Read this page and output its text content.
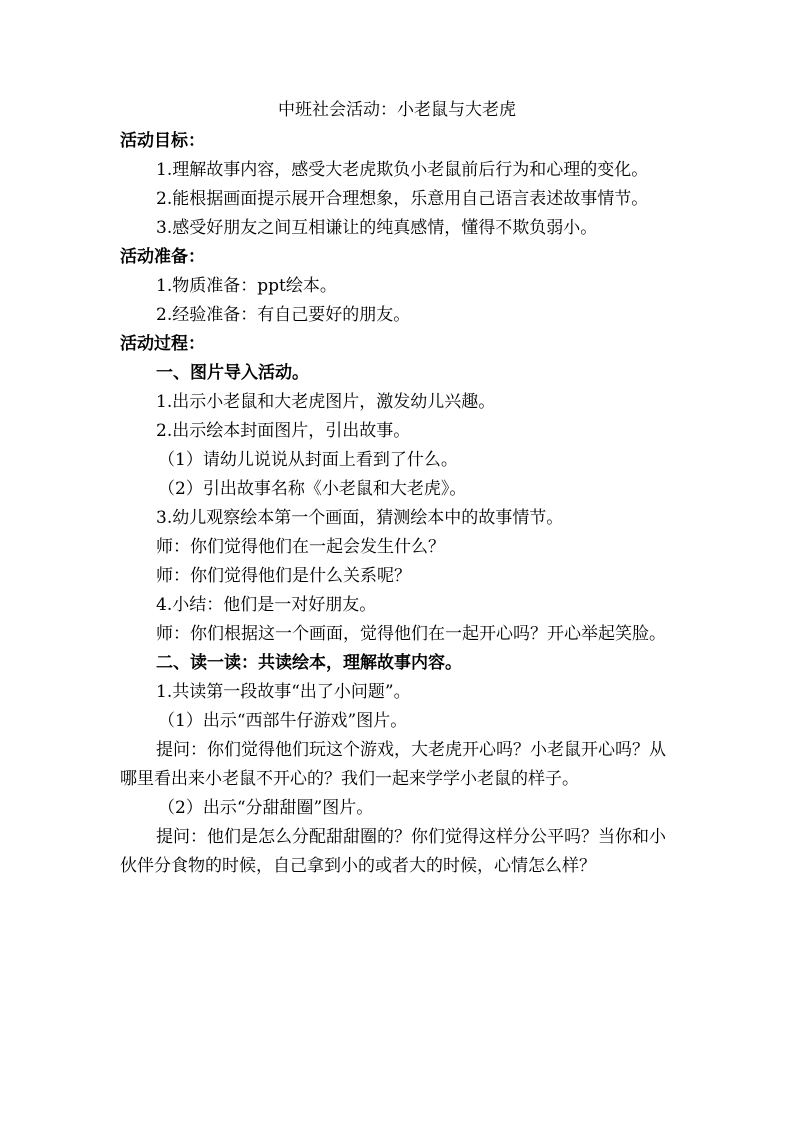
中班社会活动：小老鼠与大老虎
活动目标：
1.理解故事内容，感受大老虎欺负小老鼠前后行为和心理的变化。
2.能根据画面提示展开合理想象，乐意用自己语言表述故事情节。
3.感受好朋友之间互相谦让的纯真感情，懂得不欺负弱小。
活动准备：
1.物质准备：ppt绘本。
2.经验准备：有自己要好的朋友。
活动过程：
一、图片导入活动。
1.出示小老鼠和大老虎图片，激发幼儿兴趣。
2.出示绘本封面图片，引出故事。
（1）请幼儿说说从封面上看到了什么。
（2）引出故事名称《小老鼠和大老虎》。
3.幼儿观察绘本第一个画面，猜测绘本中的故事情节。
师：你们觉得他们在一起会发生什么？
师：你们觉得他们是什么关系呢？
4.小结：他们是一对好朋友。
师：你们根据这一个画面，觉得他们在一起开心吗？开心举起笑脸。
二、读一读：共读绘本，理解故事内容。
1.共读第一段故事“出了小问题”。
（1）出示“西部牛仔游戏”图片。
提问：你们觉得他们玩这个游戏，大老虎开心吗？小老鼠开心吗？从哪里看出来小老鼠不开心的？我们一起来学学小老鼠的样子。
（2）出示“分甜甜圈”图片。
提问：他们是怎么分配甜甜圈的？你们觉得这样分公平吗？当你和小伙伴分食物的时候，自己拿到小的或者大的时候，心情怎么样？
